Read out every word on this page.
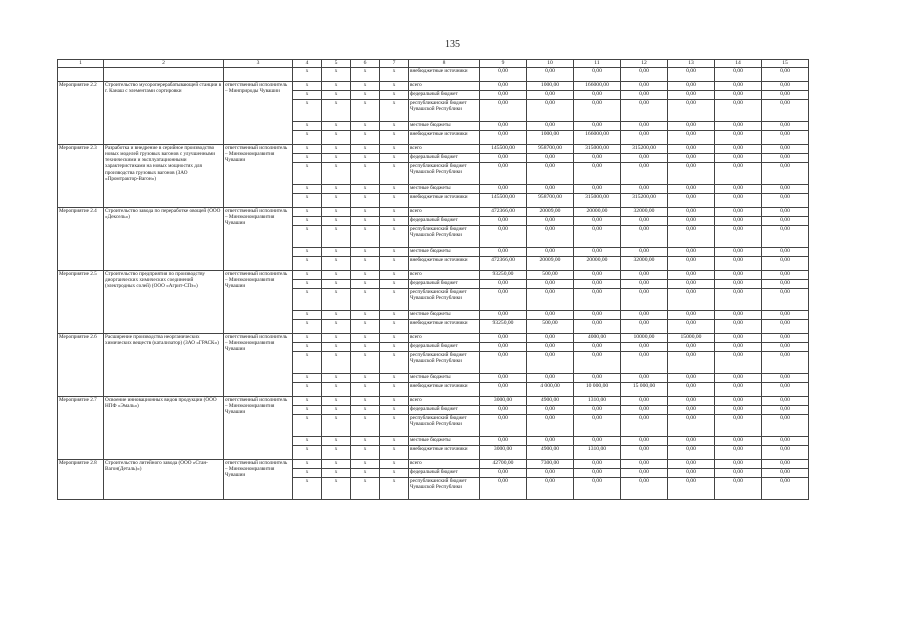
135
1	2	3	4	5	6	7	8	9	10	11	12	13	14	15
			х	х	х	х	внебюджетные источники	0,00	0,00	0,00	0,00	0,00	0,00	0,00
Мероприятие 2.2	Строительство мусороперерабатывающей станции в г. Канаш с элементами сортировки	ответственный исполнитель – Минприроды Чувашии	х	х	х	х	всего	0,00	1000,00	166000,00	0,00	0,00	0,00	0,00
			х	х	х	х	федеральный бюджет	0,00	0,00	0,00	0,00	0,00	0,00	0,00
			х	х	х	х	республиканский бюджет Чувашской Республики	0,00	0,00	0,00	0,00	0,00	0,00	0,00
			х	х	х	х	местные бюджеты	0,00	0,00	0,00	0,00	0,00	0,00	0,00
			х	х	х	х	внебюджетные источники	0,00	1000,00	166000,00	0,00	0,00	0,00	0,00
Мероприятие 2.3	Разработка и внедрение в серийное производство новых моделей грузовых вагонов с улучшенными техническими и эксплуатационными характеристиками на новых мощностях для производства грузовых вагонов (ЗАО «Промтрактор-Вагон»)	ответственный исполнитель – Минэкономразвития Чувашии	х	х	х	х	всего	145500,00	958700,00	315000,00	315200,00	0,00	0,00	0,00
			х	х	х	х	федеральный бюджет	0,00	0,00	0,00	0,00	0,00	0,00	0,00
			х	х	х	х	республиканский бюджет Чувашской Республики	0,00	0,00	0,00	0,00	0,00	0,00	0,00
			х	х	х	х	местные бюджеты	0,00	0,00	0,00	0,00	0,00	0,00	0,00
			х	х	х	х	внебюджетные источники	145500,00	958700,00	315000,00	315200,00	0,00	0,00	0,00
Мероприятие 2.4	Строительство завода по переработке овощей (ООО «Дексель»)	ответственный исполнитель – Минэкономразвития Чувашии	х	х	х	х	всего	472366,00	20009,00	20000,00	32000,00	0,00	0,00	0,00
			х	х	х	х	федеральный бюджет	0,00	0,00	0,00	0,00	0,00	0,00	0,00
			х	х	х	х	республиканский бюджет Чувашской Республики	0,00	0,00	0,00	0,00	0,00	0,00	0,00
			х	х	х	х	местные бюджеты	0,00	0,00	0,00	0,00	0,00	0,00	0,00
			х	х	х	х	внебюджетные источники	472366,00	20009,00	20000,00	32000,00	0,00	0,00	0,00
Мероприятие 2.5	Строительство предприятия по производству диоргаических химических соединений (электродных солей) (ООО «Агрит-СПэ»)	ответственный исполнитель – Минэкономразвития Чувашии	х	х	х	х	всего	93250,00	500,00	0,00	0,00	0,00	0,00	0,00
			х	х	х	х	федеральный бюджет	0,00	0,00	0,00	0,00	0,00	0,00	0,00
			х	х	х	х	республиканский бюджет Чувашской Республики	0,00	0,00	0,00	0,00	0,00	0,00	0,00
			х	х	х	х	местные бюджеты	0,00	0,00	0,00	0,00	0,00	0,00	0,00
			х	х	х	х	внебюджетные источники	93250,00	500,00	0,00	0,00	0,00	0,00	0,00
Мероприятие 2.6	Расширение производства неорганических химических веществ (катализатор) (ЗАО «ГРАСК»)	ответственный исполнитель – Минэкономразвития Чувашии	х	х	х	х	всего	0,00	0,00	4000,00	10000,00	15000,00	0,00	0,00
			х	х	х	х	федеральный бюджет	0,00	0,00	0,00	0,00	0,00	0,00	0,00
			х	х	х	х	республиканский бюджет Чувашской Республики	0,00	0,00	0,00	0,00	0,00	0,00	0,00
			х	х	х	х	местные бюджеты	0,00	0,00	0,00	0,00	0,00	0,00	0,00
			х	х	х	х	внебюджетные источники	0,00	4 000,00	10 000,00	15 000,00	0,00	0,00	0,00
Мероприятие 2.7	Освоение инновационных видов продукции (ООО НПФ «Эмаль»)	ответственный исполнитель – Минэкономразвития Чувашии	х	х	х	х	всего	3000,00	4900,00	1310,00	0,00	0,00	0,00	0,00
			х	х	х	х	федеральный бюджет	0,00	0,00	0,00	0,00	0,00	0,00	0,00
			х	х	х	х	республиканский бюджет Чувашской Республики	0,00	0,00	0,00	0,00	0,00	0,00	0,00
			х	х	х	х	местные бюджеты	0,00	0,00	0,00	0,00	0,00	0,00	0,00
			х	х	х	х	внебюджетные источники	3000,00	4900,00	1310,00	0,00	0,00	0,00	0,00
Мероприятие 2.8	Строительство литейного завода (ООО «Стан-Вагон(Деталь)»)	ответственный исполнитель – Минэкономразвития Чувашии	х	х	х	х	всего	42700,00	7300,00	0,00	0,00	0,00	0,00	0,00
			х	х	х	х	федеральный бюджет	0,00	0,00	0,00	0,00	0,00	0,00	0,00
			х	х	х	х	республиканский бюджет Чувашской Республики	0,00	0,00	0,00	0,00	0,00	0,00	0,00
